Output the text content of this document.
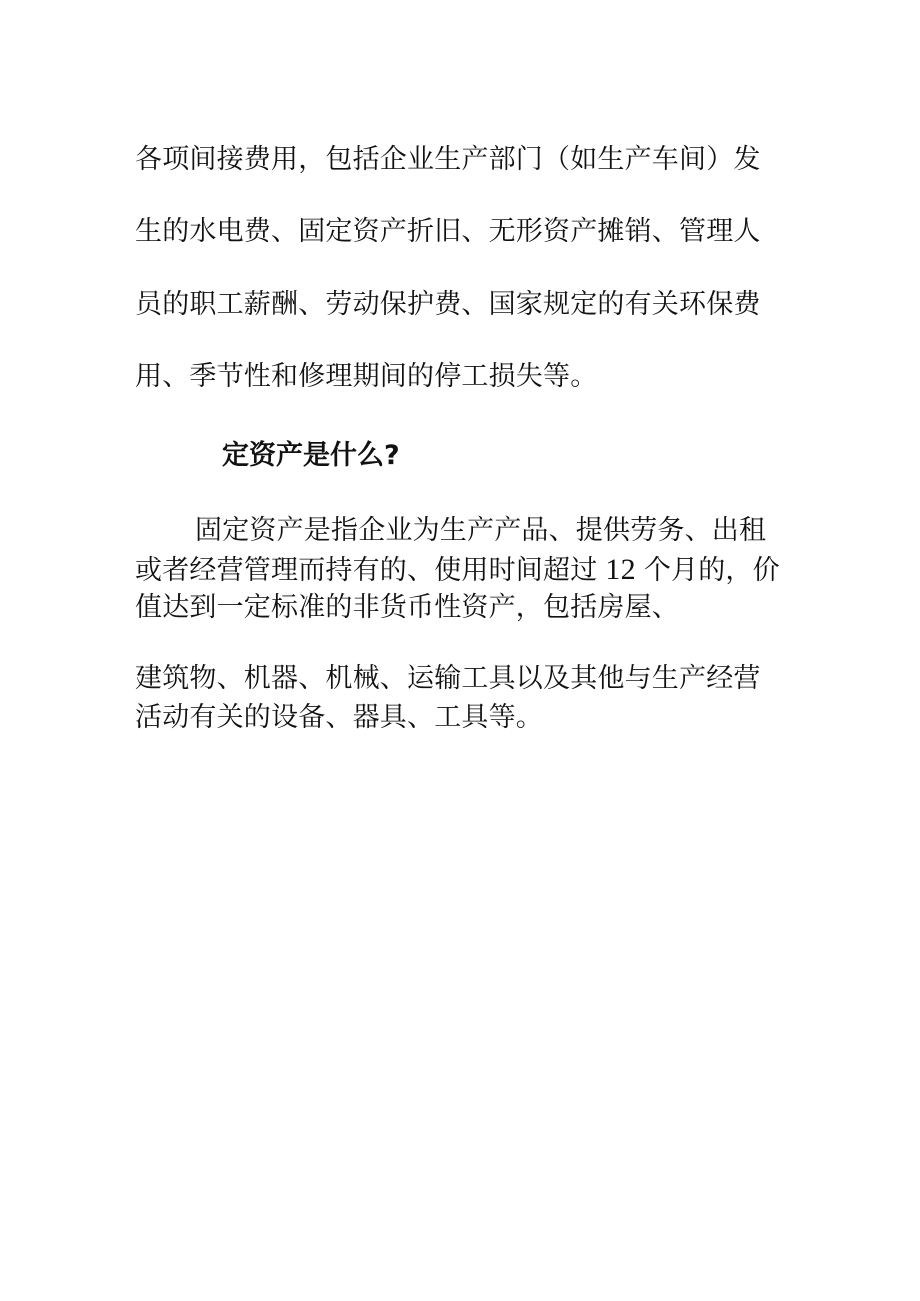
各项间接费用，包括企业生产部门（如生产车间）发
生的水电费、固定资产折旧、无形资产摊销、管理人
员的职工薪酬、劳动保护费、国家规定的有关环保费
用、季节性和修理期间的停工损失等。
定资产是什么?
固定资产是指企业为生产产品、提供劳务、出租
或者经营管理而持有的、使用时间超过 12 个月的，价
值达到一定标准的非货币性资产，包括房屋、
建筑物、机器、机械、运输工具以及其他与生产经营
活动有关的设备、器具、工具等。
